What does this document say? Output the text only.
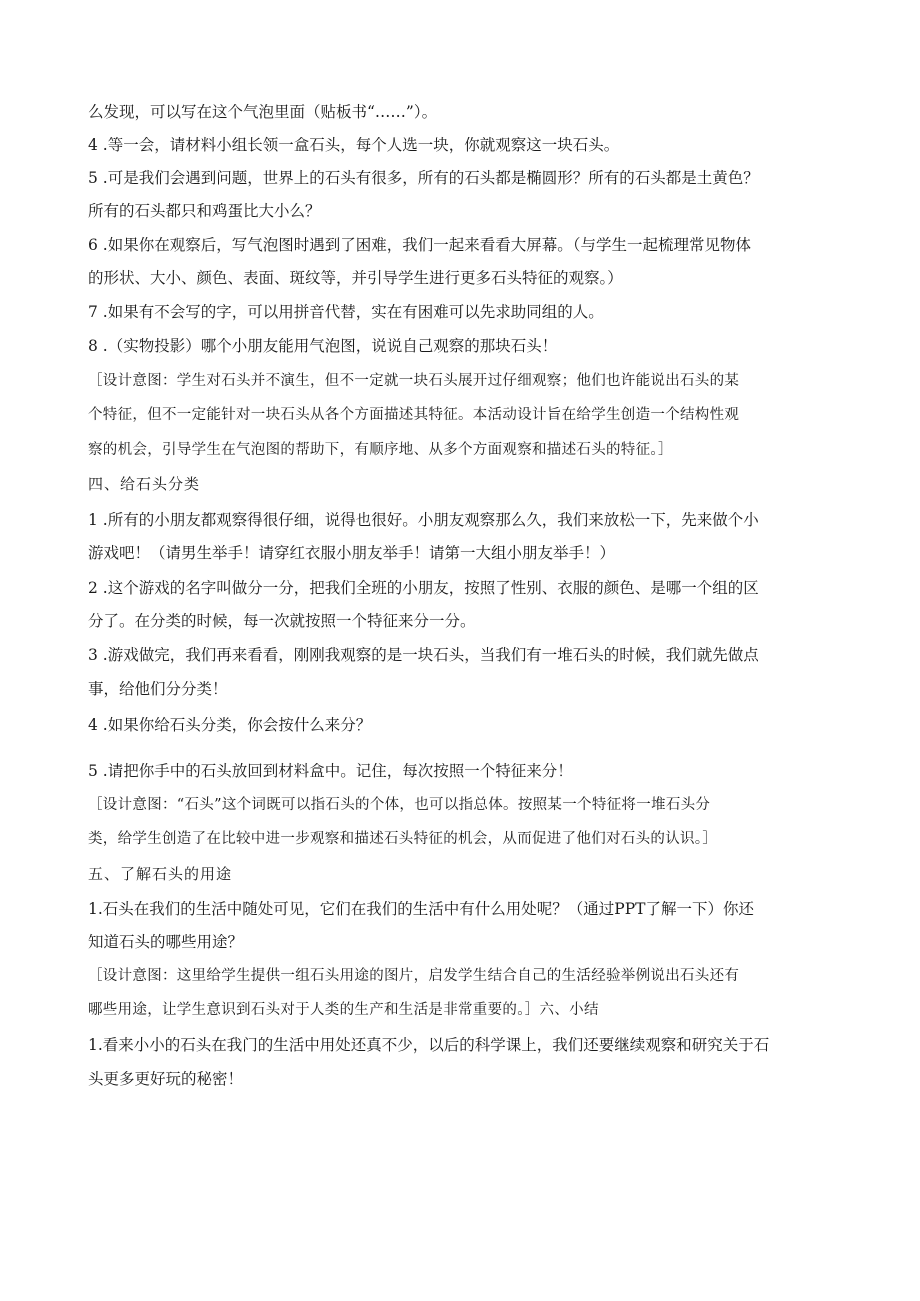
么发现，可以写在这个气泡里面（贴板书“……”）。
4 .等一会，请材料小组长领一盒石头，每个人选一块，你就观察这一块石头。
5 .可是我们会遇到问题，世界上的石头有很多，所有的石头都是椭圆形？所有的石头都是土黄色？
所有的石头都只和鸡蛋比大小么？
6 .如果你在观察后，写气泡图时遇到了困难，我们一起来看看大屏幕。（与学生一起梳理常见物体
的形状、大小、颜色、表面、斑纹等，并引导学生进行更多石头特征的观察。）
7 .如果有不会写的字，可以用拼音代替，实在有困难可以先求助同组的人。
8 .（实物投影）哪个小朋友能用气泡图，说说自己观察的那块石头！
［设计意图：学生对石头并不演生，但不一定就一块石头展开过仔细观察；他们也许能说出石头的某
个特征，但不一定能针对一块石头从各个方面描述其特征。本活动设计旨在给学生创造一个结构性观
察的机会，引导学生在气泡图的帮助下，有顺序地、从多个方面观察和描述石头的特征。］
四、给石头分类
1 .所有的小朋友都观察得很仔细，说得也很好。小朋友观察那么久，我们来放松一下，先来做个小
游戏吧！（请男生举手！请穿红衣服小朋友举手！请第一大组小朋友举手！）
2 .这个游戏的名字叫做分一分，把我们全班的小朋友，按照了性别、衣服的颜色、是哪一个组的区
分了。在分类的时候，每一次就按照一个特征来分一分。
3 .游戏做完，我们再来看看，刚刚我观察的是一块石头，当我们有一堆石头的时候，我们就先做点
事，给他们分分类！
4 .如果你给石头分类，你会按什么来分？
5 .请把你手中的石头放回到材料盒中。记住，每次按照一个特征来分！
［设计意图：“石头”这个词既可以指石头的个体，也可以指总体。按照某一个特征将一堆石头分
类，给学生创造了在比较中进一步观察和描述石头特征的机会，从而促进了他们对石头的认识。］
五、了解石头的用途
1.石头在我们的生活中随处可见，它们在我们的生活中有什么用处呢？（通过PPT了解一下）你还
知道石头的哪些用途？
［设计意图：这里给学生提供一组石头用途的图片，启发学生结合自己的生活经验举例说出石头还有
哪些用途，让学生意识到石头对于人类的生产和生活是非常重要的。］六、小结
1.看来小小的石头在我门的生活中用处还真不少，以后的科学课上，我们还要继续观察和研究关于石
头更多更好玩的秘密！
